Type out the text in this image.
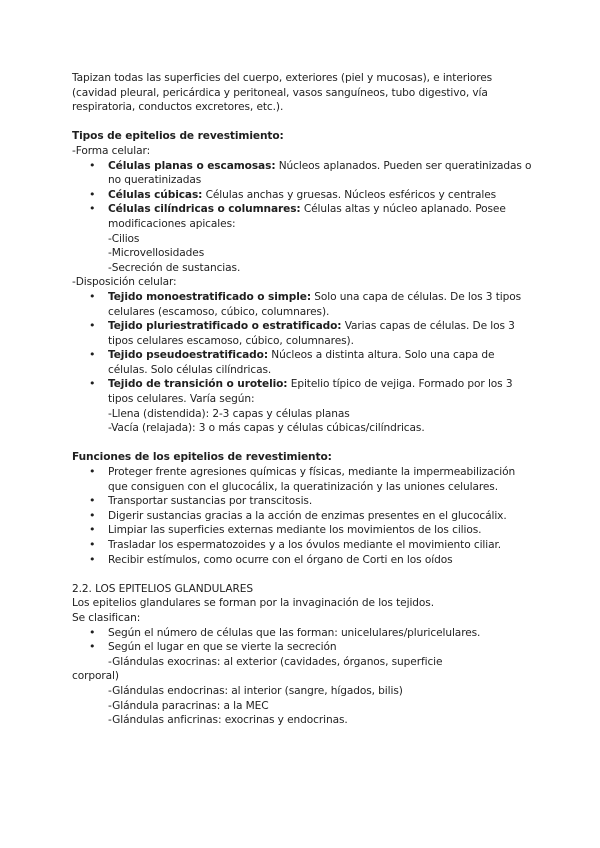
Tapizan todas las superficies del cuerpo, exteriores (piel y mucosas), e interiores (cavidad pleural, pericárdica y peritoneal, vasos sanguíneos, tubo digestivo, vía respiratoria, conductos excretores, etc.).

Tipos de epitelios de revestimiento:

-Forma celular:

• Células planas o escamosas: Núcleos aplanados. Pueden ser queratinizadas o no queratinizadas
• Células cúbicas: Células anchas y gruesas. Núcleos esféricos y centrales
• Células cilíndricas o columnares: Células altas y núcleo aplanado. Posee modificaciones apicales:

-Cilios

-Microvellosidades

-Secreción de sustancias.

-Disposición celular:

• Tejido monoestratificado o simple: Solo una capa de células. De los 3 tipos celulares (escamoso, cúbico, columnares).
• Tejido pluriestratificado o estratificado: Varias capas de células. De los 3 tipos celulares escamoso, cúbico, columnares).
• Tejido pseudoestratificado: Núcleos a distinta altura. Solo una capa de células. Solo células cilíndricas.
• Tejido de transición o urotelio: Epitelio típico de vejiga. Formado por los 3 tipos celulares. Varía según:

-Llena (distendida): 2-3 capas y células planas

-Vacía (relajada): 3 o más capas y células cúbicas/cilíndricas.

Funciones de los epitelios de revestimiento:

• Proteger frente agresiones químicas y físicas, mediante la impermeabilización que consiguen con el glucocálix, la queratinización y las uniones celulares.
• Transportar sustancias por transcitosis.
• Digerir sustancias gracias a la acción de enzimas presentes en el glucocálix.
• Limpiar las superficies externas mediante los movimientos de los cilios.
• Trasladar los espermatozoides y a los óvulos mediante el movimiento ciliar.
• Recibir estímulos, como ocurre con el órgano de Corti en los oídos

2.2. LOS EPITELIOS GLANDULARES

Los epitelios glandulares se forman por la invaginación de los tejidos.

Se clasifican:

• Según el número de células que las forman: unicelulares/pluricelulares.
• Según el lugar en que se vierte la secreción

-Glándulas exocrinas: al exterior (cavidades, órganos, superficie

corporal)

-Glándulas endocrinas: al interior (sangre, hígados, bilis)

-Glándula paracrinas: a la MEC

-Glándulas anficrinas: exocrinas y endocrinas.
